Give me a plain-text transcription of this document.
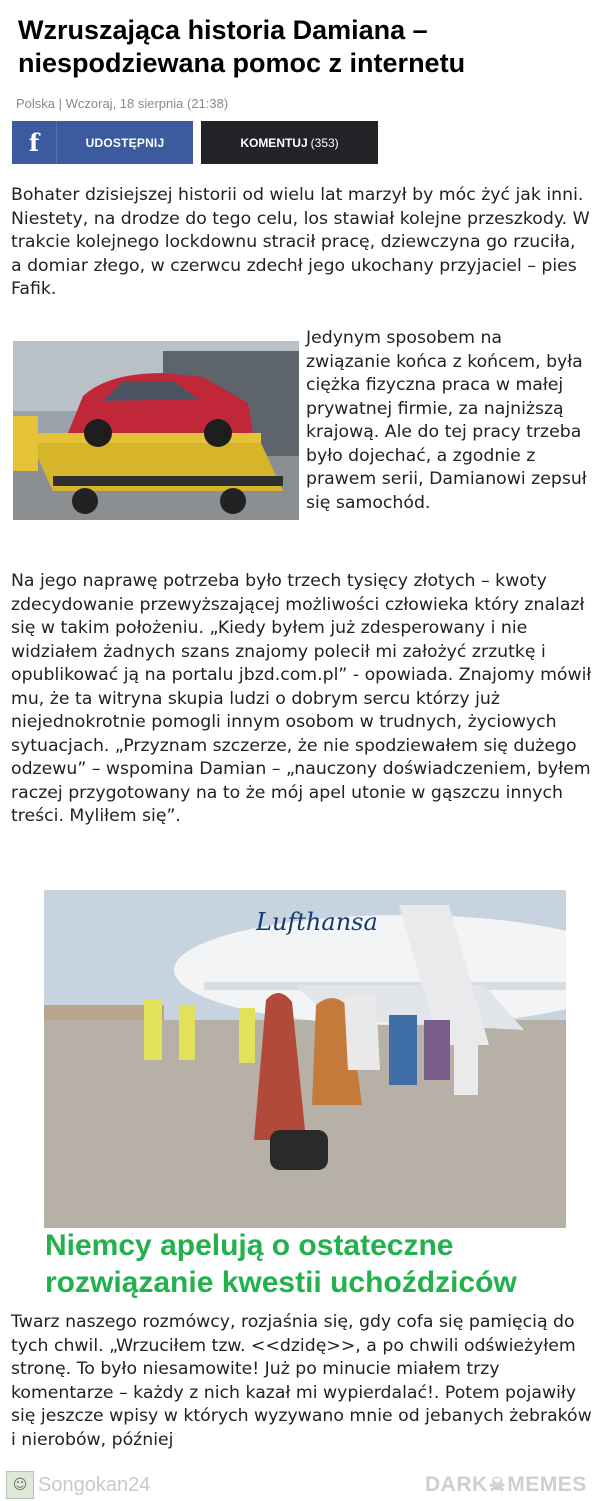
Wzruszająca historia Damiana – niespodziewana pomoc z internetu
Polska | Wczoraj, 18 sierpnia (21:38)
f	UDOSTĘPNIJ	KOMENTUJ (353)

Bohater dzisiejszej historii od wielu lat marzył by móc żyć jak inni. Niestety, na drodze do tego celu, los stawiał kolejne przeszkody. W trakcie kolejnego lockdownu stracił pracę, dziewczyna go rzuciła, a domiar złego, w czerwcu zdechł jego ukochany przyjaciel – pies Fafik.

Jedynym sposobem na związanie końca z końcem, była ciężka fizyczna praca w małej prywatnej firmie, za najniższą krajową. Ale do tej pracy trzeba było dojechać, a zgodnie z prawem serii, Damianowi zepsuł się samochód.

Na jego naprawę potrzeba było trzech tysięcy złotych – kwoty zdecydowanie przewyższającej możliwości człowieka który znalazł się w takim położeniu. „Kiedy byłem już zdesperowany i nie widziałem żadnych szans znajomy polecił mi założyć zrzutkę i opublikować ją na portalu jbzd.com.pl” - opowiada. Znajomy mówił mu, że ta witryna skupia ludzi o dobrym sercu którzy już niejednokrotnie pomogli innym osobom w trudnych, życiowych sytuacjach. „Przyznam szczerze, że nie spodziewałem się dużego odzewu” – wspomina Damian – „nauczony doświadczeniem, byłem raczej przygotowany na to że mój apel utonie w gąszczu innych treści. Myliłem się”.

Lufthansa
Niemcy apelują o ostateczne rozwiązanie kwestii uchoździców

Twarz naszego rozmówcy, rozjaśnia się, gdy cofa się pamięcią do tych chwil. „Wrzuciłem tzw. <<dzidę>>, a po chwili odświeżyłem stronę. To było niesamowite! Już po minucie miałem trzy komentarze – każdy z nich kazał mi wypierdalać!. Potem pojawiły się jeszcze wpisy w których wyzywano mnie od jebanych żebraków i nierobów, później

☺ Songokan24	DARK ☠ MEMES
